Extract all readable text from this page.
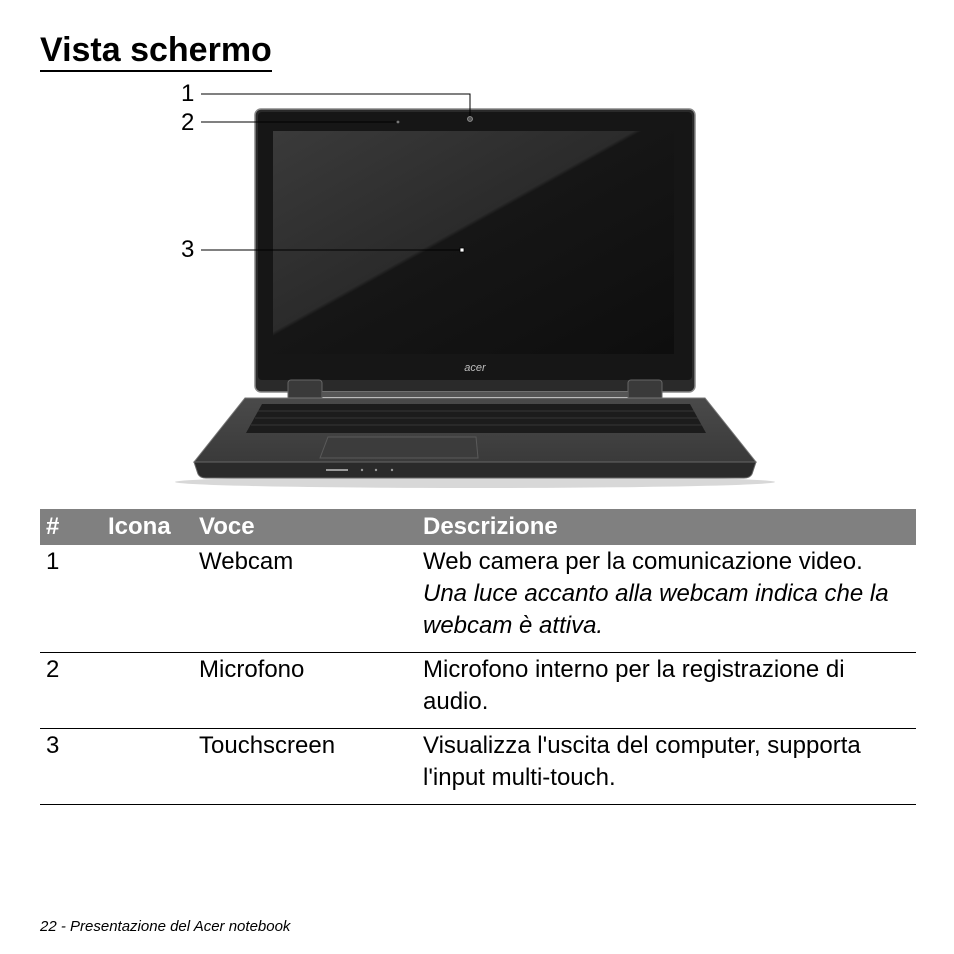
Vista schermo
1
2
3
acer
#	Icona	Voce	Descrizione
1		Webcam	Web camera per la comunicazione video.
Una luce accanto alla webcam indica che la webcam è attiva.

2		Microfono	Microfono interno per la registrazione di audio.
3		Touchscreen	Visualizza l'uscita del computer, supporta l'input multi-touch.
22 - Presentazione del Acer notebook
